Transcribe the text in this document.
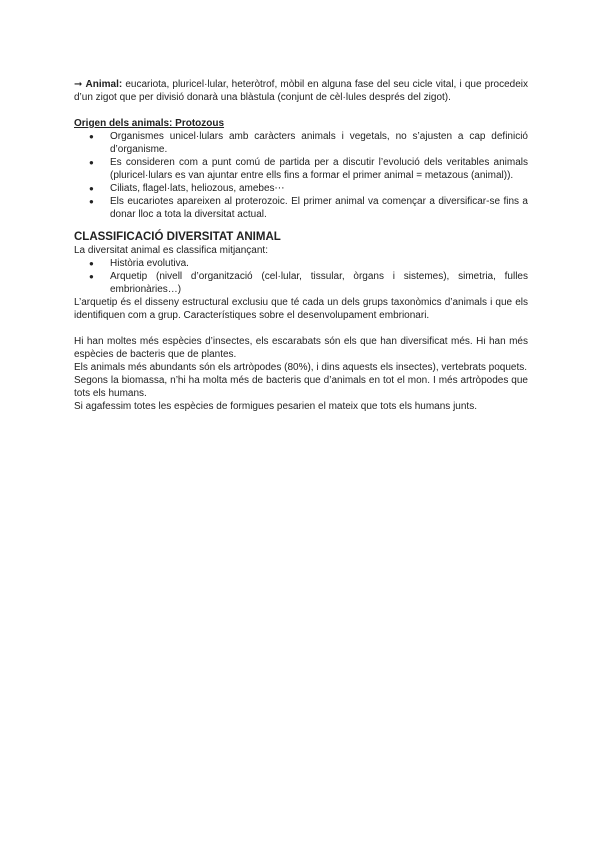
➞ Animal: eucariota, pluricel·lular, heteròtrof, mòbil en alguna fase del seu cicle vital, i que procedeix d’un zigot que per divisió donarà una blàstula (conjunt de cèl·lules després del zigot).

Origen dels animals: Protozous

● Organismes unicel·lulars amb caràcters animals i vegetals, no s’ajusten a cap definició d’organisme.
● Es consideren com a punt comú de partida per a discutir l’evolució dels veritables animals (pluricel·lulars es van ajuntar entre ells fins a formar el primer animal = metazous (animal)).
● Ciliats, flagel·lats, heliozous, amebes⋯
● Els eucariotes apareixen al proterozoic. El primer animal va començar a diversificar-se fins a donar lloc a tota la diversitat actual.

CLASSIFICACIÓ DIVERSITAT ANIMAL

La diversitat animal es classifica mitjançant:

● Història evolutiva.
● Arquetip (nivell d’organització (cel·lular, tissular, òrgans i sistemes), simetria, fulles embrionàries…)

L’arquetip és el disseny estructural exclusiu que té cada un dels grups taxonòmics d’animals i que els identifiquen com a grup. Característiques sobre el desenvolupament embrionari.

Hi han moltes més espècies d’insectes, els escarabats són els que han diversificat més. Hi han més espècies de bacteris que de plantes.

Els animals més abundants són els artròpodes (80%), i dins aquests els insectes), vertebrats poquets.

Segons la biomassa, n’hi ha molta més de bacteris que d’animals en tot el mon. I més artròpodes que tots els humans.

Si agafessim totes les espècies de formigues pesarien el mateix que tots els humans junts.
